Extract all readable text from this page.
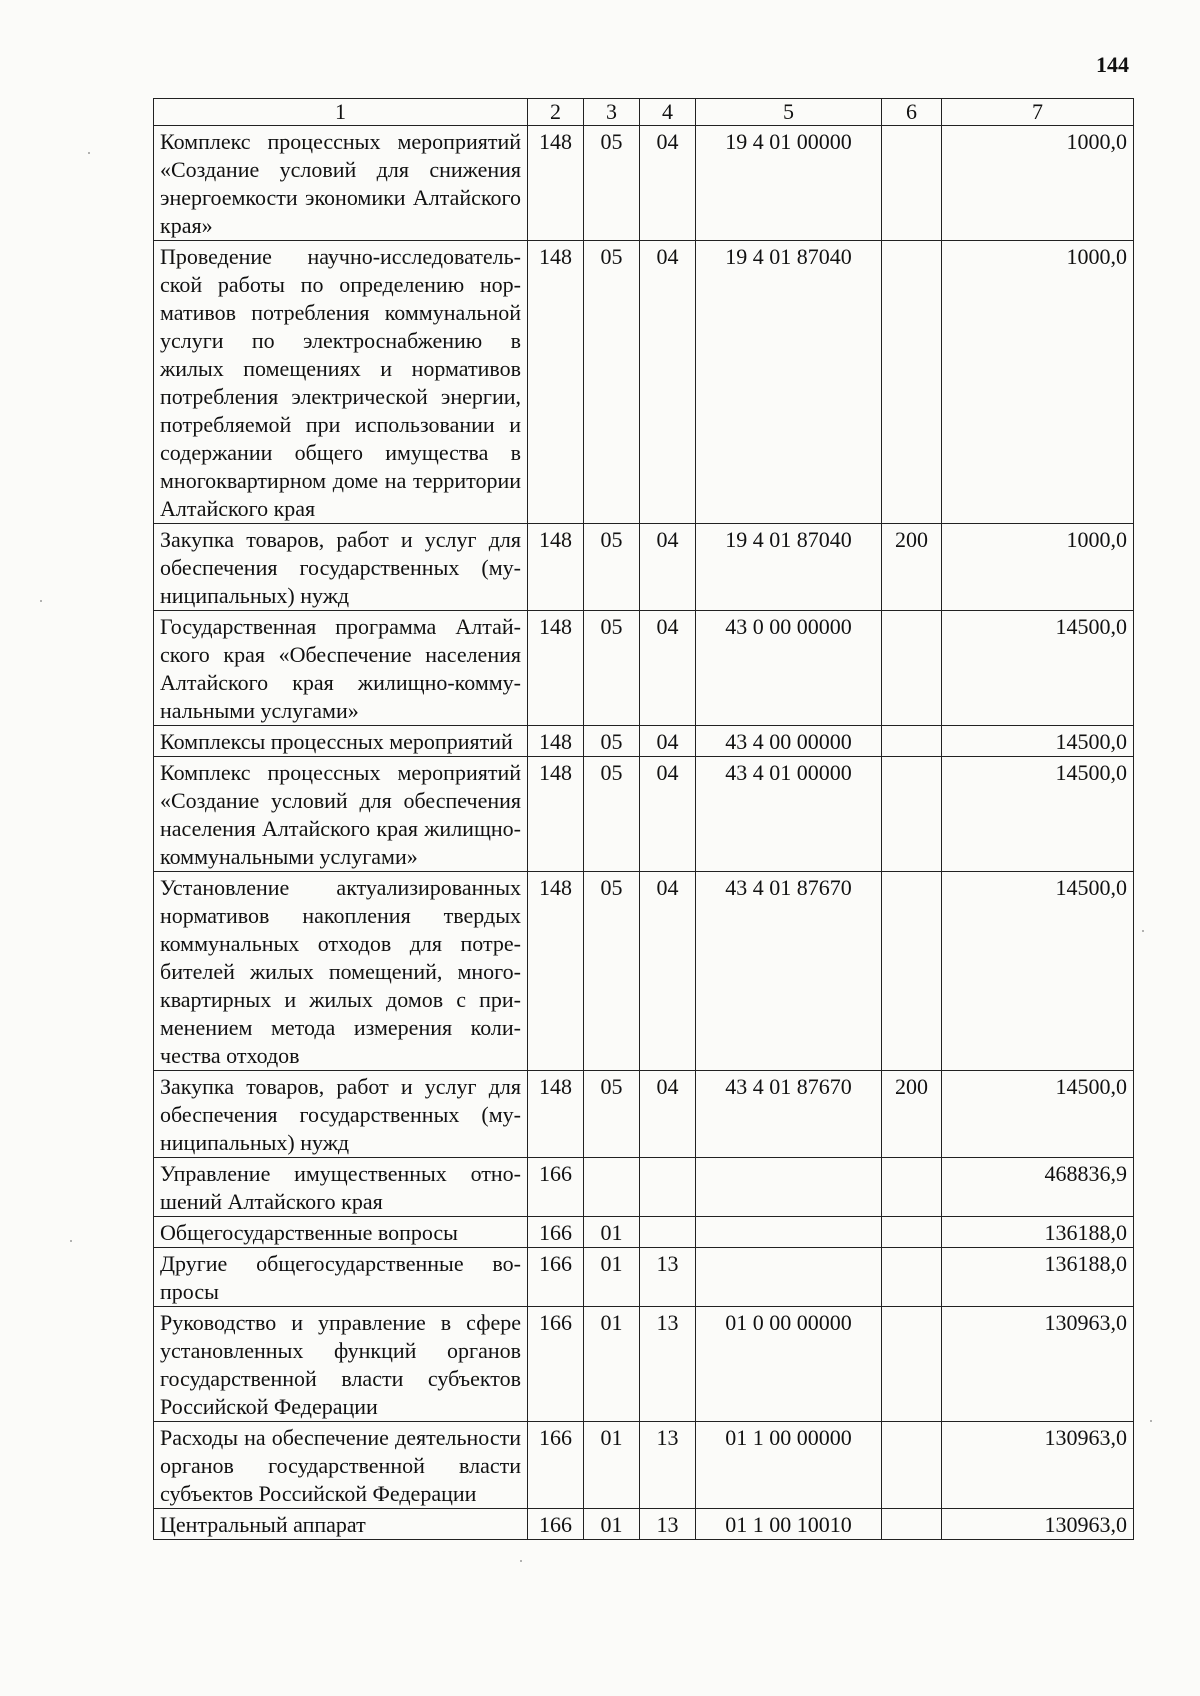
144
1	2	3	4	5	6	7
Комплекс процессных мероприятий «Создание условий для снижения энергоемкости экономики Алтайского края»	148	05	04	19 4 01 00000		1000,0
Проведение научно-исследовательской работы по определению нормативов потребления коммунальной услуги по электроснабжению в жилых помещениях и нормативов потребления электрической энергии, потребляемой при использовании и содержании общего имущества в многоквартирном доме на территории Алтайского края	148	05	04	19 4 01 87040		1000,0
Закупка товаров, работ и услуг для обеспечения государственных (муниципальных) нужд	148	05	04	19 4 01 87040	200	1000,0
Государственная программа Алтайского края «Обеспечение населения Алтайского края жилищно-коммунальными услугами»	148	05	04	43 0 00 00000		14500,0
Комплексы процессных мероприятий	148	05	04	43 4 00 00000		14500,0
Комплекс процессных мероприятий «Создание условий для обеспечения населения Алтайского края жилищно-коммунальными услугами»	148	05	04	43 4 01 00000		14500,0
Установление актуализированных нормативов накопления твердых коммунальных отходов для потребителей жилых помещений, многоквартирных и жилых домов с применением метода измерения количества отходов	148	05	04	43 4 01 87670		14500,0
Закупка товаров, работ и услуг для обеспечения государственных (муниципальных) нужд	148	05	04	43 4 01 87670	200	14500,0
Управление имущественных отношений Алтайского края	166					468836,9
Общегосударственные вопросы	166	01				136188,0
Другие общегосударственные вопросы	166	01	13			136188,0
Руководство и управление в сфере установленных функций органов государственной власти субъектов Российской Федерации	166	01	13	01 0 00 00000		130963,0
Расходы на обеспечение деятельности органов государственной власти субъектов Российской Федерации	166	01	13	01 1 00 00000		130963,0
Центральный аппарат	166	01	13	01 1 00 10010		130963,0
